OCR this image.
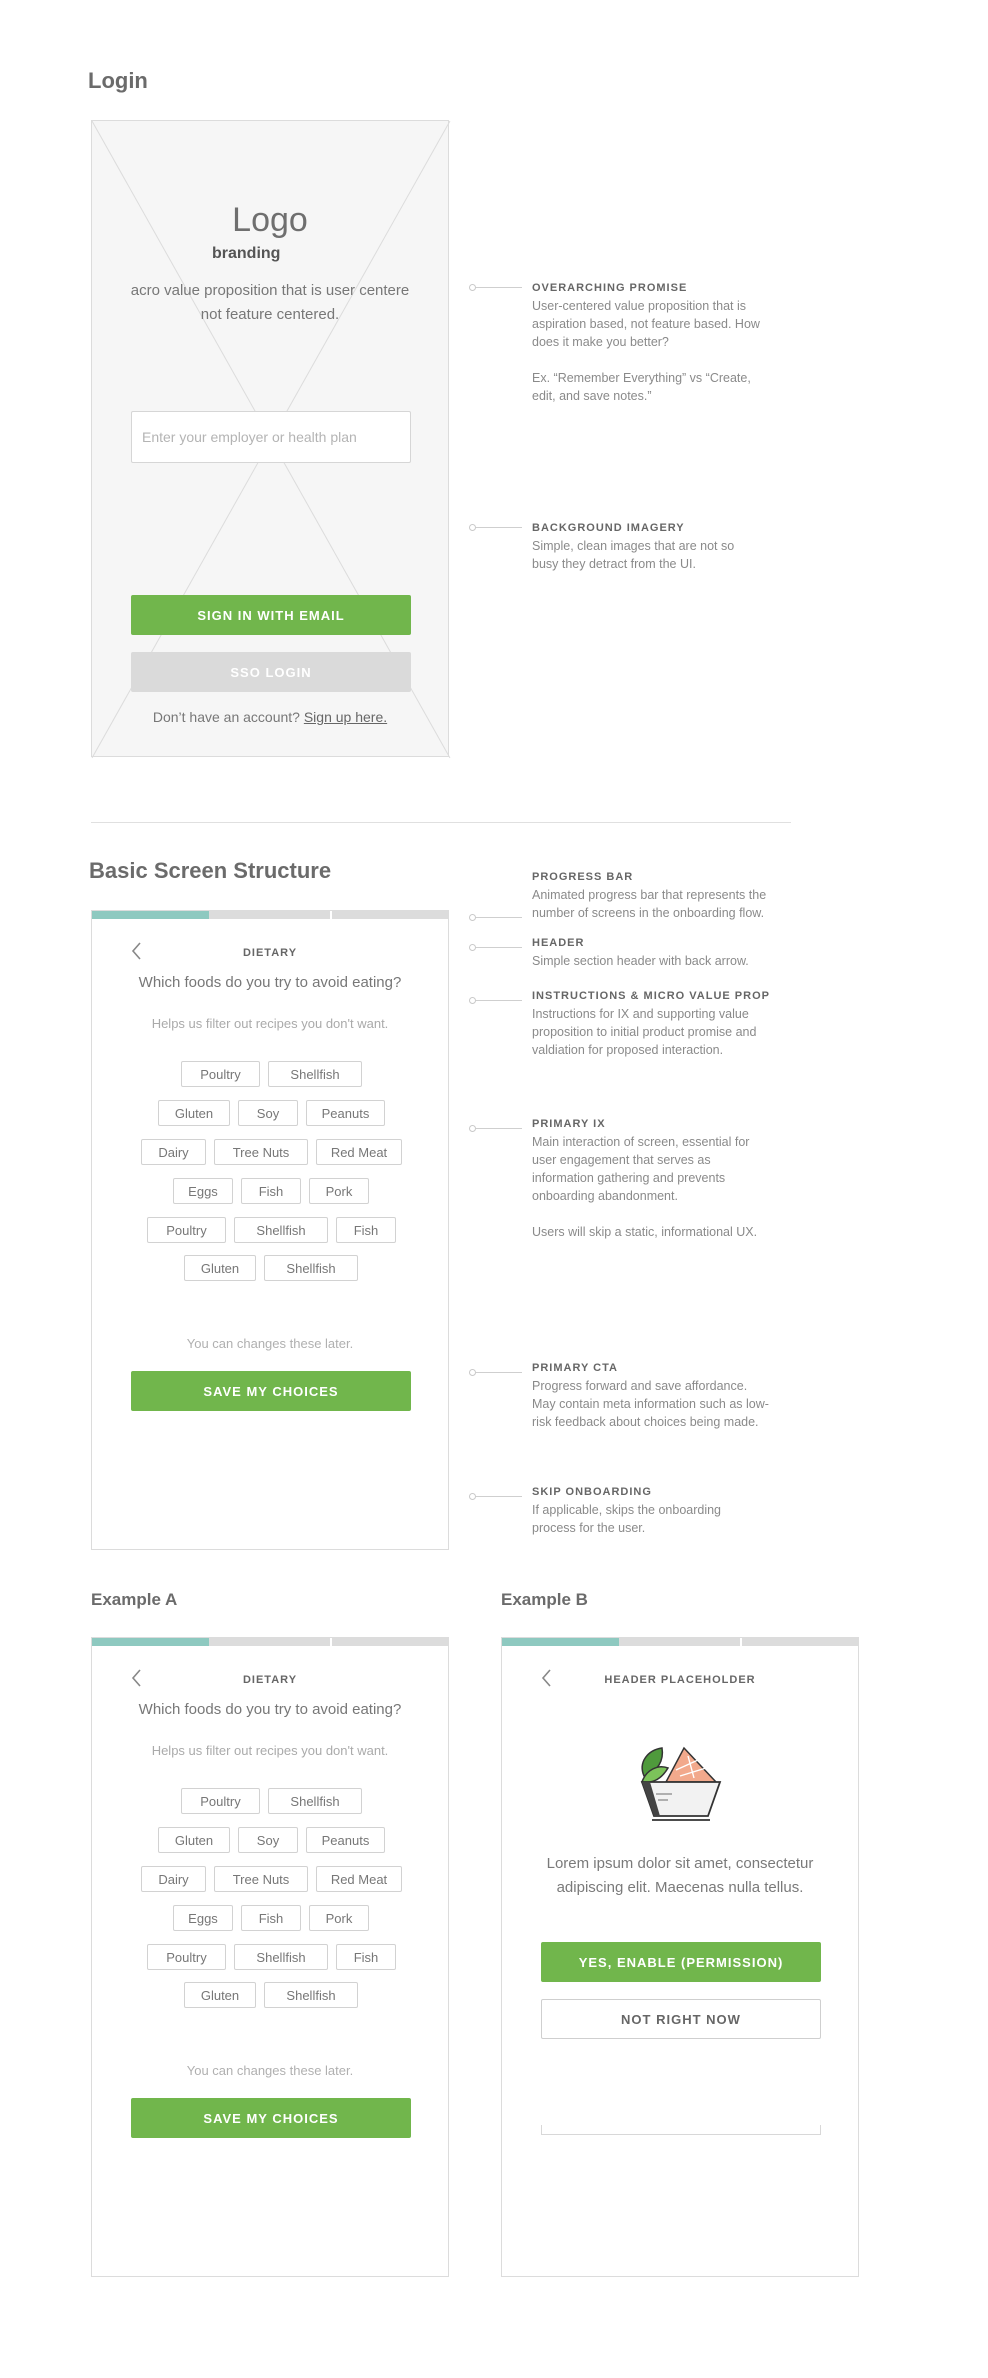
Login
Logo
branding
acro value proposition that is user centere
not feature centered.
Enter your employer or health plan
SIGN IN WITH EMAIL
SSO LOGIN
Don’t have an account? Sign up here.
OVERARCHING PROMISE
User-centered value proposition that is
aspiration based, not feature based. How
does it make you better?
Ex. “Remember Everything” vs “Create,
edit, and save notes.”
BACKGROUND IMAGERY
Simple, clean images that are not so
busy they detract from the UI.
Basic Screen Structure
DIETARY
Which foods do you try to avoid eating?
Helps us filter out recipes you don't want.
Poultry	Shellfish
Gluten	Soy	Peanuts
Dairy	Tree Nuts	Red Meat
Eggs	Fish	Pork
Poultry	Shellfish	Fish
Gluten	Shellfish
You can changes these later.
SAVE MY CHOICES
PROGRESS BAR
Animated progress bar that represents the
number of screens in the onboarding flow.
HEADER
Simple section header with back arrow.
INSTRUCTIONS & MICRO VALUE PROP
Instructions for IX and supporting value
proposition to initial product promise and
valdiation for proposed interaction.
PRIMARY IX
Main interaction of screen, essential for
user engagement that serves as
information gathering and prevents
onboarding abandonment.
Users will skip a static, informational UX.
PRIMARY CTA
Progress forward and save affordance.
May contain meta information such as low-
risk feedback about choices being made.
SKIP ONBOARDING
If applicable, skips the onboarding
process for the user.
Example A
DIETARY
Which foods do you try to avoid eating?
Helps us filter out recipes you don't want.
Poultry	Shellfish
Gluten	Soy	Peanuts
Dairy	Tree Nuts	Red Meat
Eggs	Fish	Pork
Poultry	Shellfish	Fish
Gluten	Shellfish
You can changes these later.
SAVE MY CHOICES
Example B
HEADER PLACEHOLDER
Lorem ipsum dolor sit amet, consectetur
adipiscing elit. Maecenas nulla tellus.
YES, ENABLE (PERMISSION)
NOT RIGHT NOW
